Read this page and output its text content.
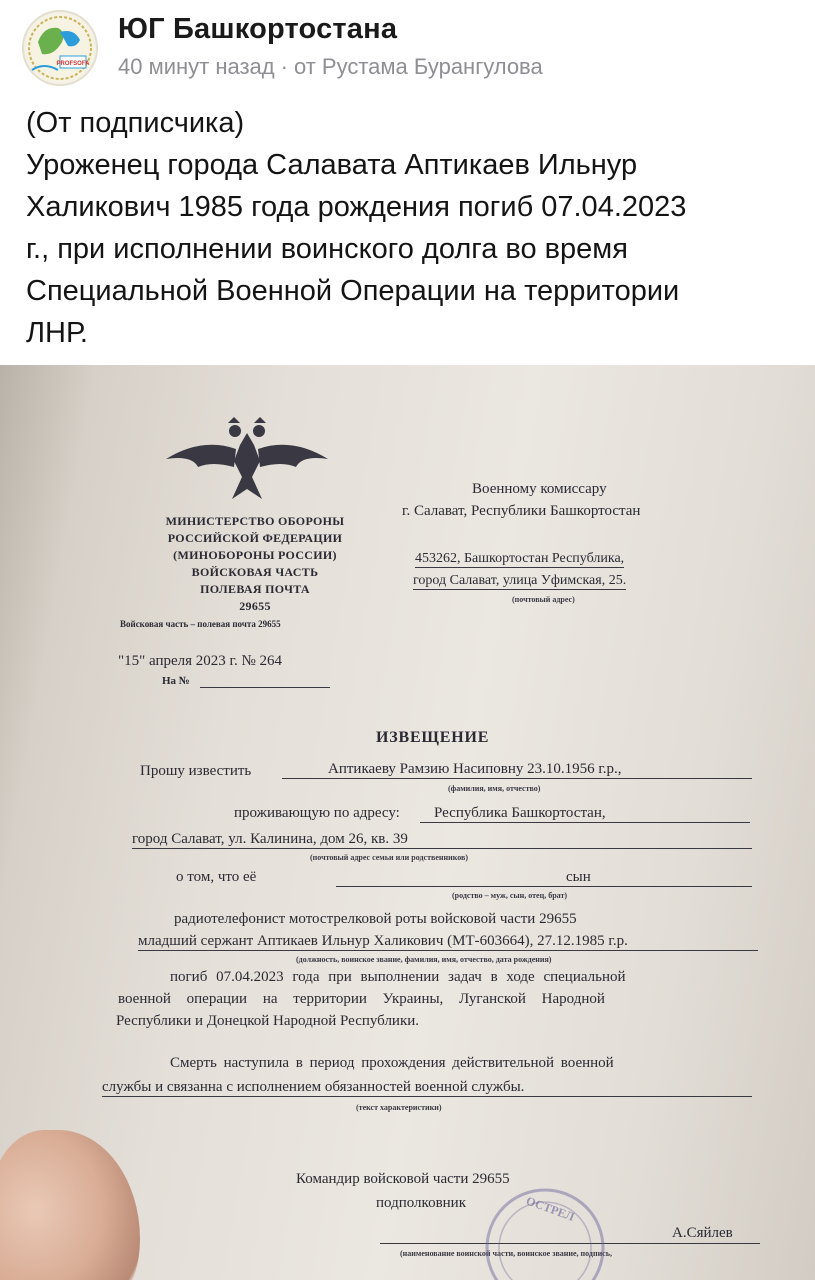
PROFSOFA
ЮГ Башкортостана
40 минут назад · от Рустама Бурангулова

(От подписчика)

Уроженец города Салавата Аптикаев Ильнур

Халикович 1985 года рождения погиб 07.04.2023

г., при исполнении воинского долга во время

Специальной Военной Операции на территории

ЛНР.

МИНИСТЕРСТВО ОБОРОНЫ
РОССИЙСКОЙ ФЕДЕРАЦИИ
(МИНОБОРОНЫ РОССИИ)
ВОЙСКОВАЯ ЧАСТЬ
ПОЛЕВАЯ ПОЧТА
29655
Войсковая часть – полевая почта 29655
"15" апреля 2023 г. № 264
На №
Военному комиссару
г. Салават, Республики Башкортостан
453262, Башкортостан Республика,
город Салават, улица Уфимская, 25.
(почтовый адрес)
ИЗВЕЩЕНИЕ
Прошу известить	Аптикаеву Рамзию Насиповну 23.10.1956 г.р.,
(фамилия, имя, отчество)
проживающую по адресу:	Республика Башкортостан,
город Салават, ул. Калинина, дом 26, кв. 39
(почтовый адрес семьи или родственников)
о том, что её	сын
(родство – муж, сын, отец, брат)
радиотелефонист мотострелковой роты войсковой части 29655
младший сержант Аптикаев Ильнур Халикович (МТ-603664), 27.12.1985 г.р.
(должность, воинское звание, фамилия, имя, отчество, дата рождения)
погиб 07.04.2023 года при выполнении задач в ходе специальной
военной операции на территории Украины, Луганской Народной
Республики и Донецкой Народной Республики.
Смерть наступила в период прохождения действительной военной
службы и связанна с исполнением обязанностей военной службы.
(текст характеристики)
Командир войсковой части 29655
подполковник
А.Сяйлев
(наименование воинской части, воинское звание, подпись,
ОСТРЕЛ
